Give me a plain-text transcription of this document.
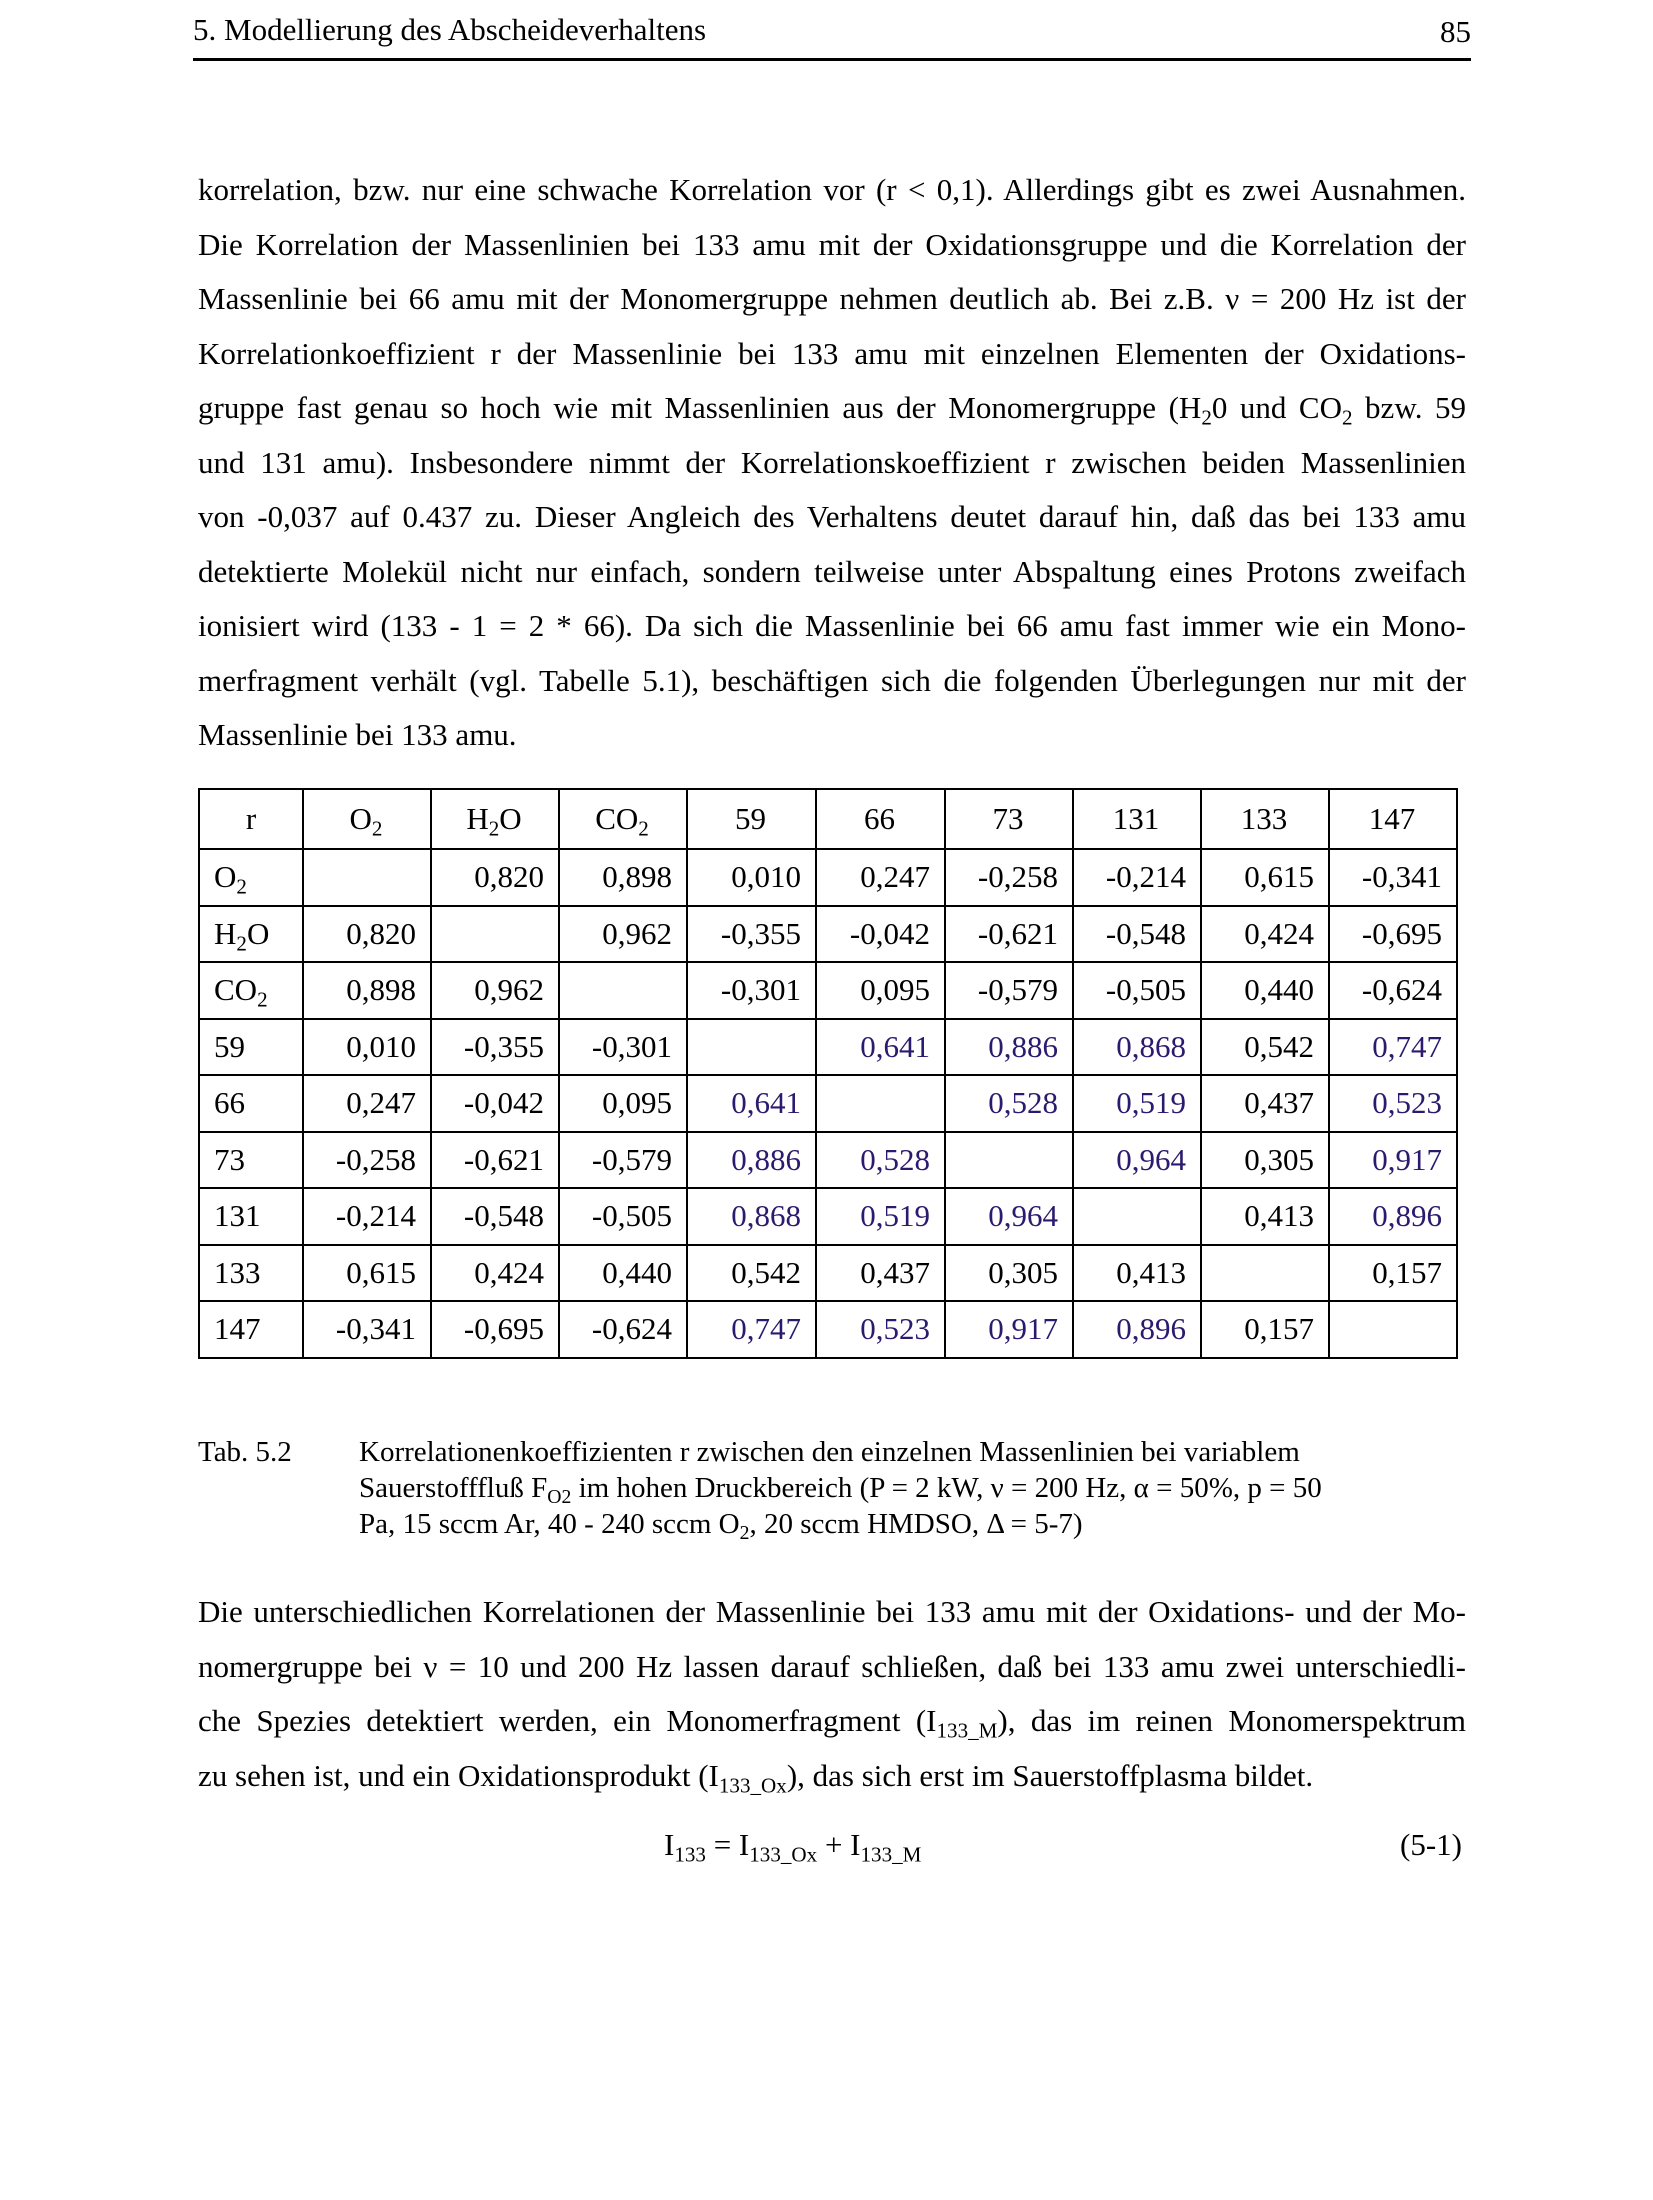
5. Modellierung des Abscheideverhaltens	85
korrelation, bzw. nur eine schwache Korrelation vor (r < 0,1). Allerdings gibt es zwei Ausnahmen.
Die Korrelation der Massenlinien bei 133 amu mit der Oxidationsgruppe und die Korrelation der
Massenlinie bei 66 amu mit der Monomergruppe nehmen deutlich ab. Bei z.B. ν = 200 Hz ist der
Korrelationkoeffizient r der Massenlinie bei 133 amu mit einzelnen Elementen der Oxidations-
gruppe fast genau so hoch wie mit Massenlinien aus der Monomergruppe ($H_20$ und $CO_2$ bzw. 59
und 131 amu). Insbesondere nimmt der Korrelationskoeffizient r zwischen beiden Massenlinien
von -0,037 auf 0.437 zu. Dieser Angleich des Verhaltens deutet darauf hin, daß das bei 133 amu
detektierte Molekül nicht nur einfach, sondern teilweise unter Abspaltung eines Protons zweifach
ionisiert wird (133 - 1 = 2 * 66). Da sich die Massenlinie bei 66 amu fast immer wie ein Mono-
merfragment verhält (vgl. Tabelle 5.1), beschäftigen sich die folgenden Überlegungen nur mit der
Massenlinie bei 133 amu.
r	$O_2$	$H_2O$	$CO_2$	59	66	73	131	133	147
$O_2$		0,820	0,898	0,010	0,247	-0,258	-0,214	0,615	-0,341
$H_2O$	0,820		0,962	-0,355	-0,042	-0,621	-0,548	0,424	-0,695
$CO_2$	0,898	0,962		-0,301	0,095	-0,579	-0,505	0,440	-0,624
59	0,010	-0,355	-0,301		0,641	0,886	0,868	0,542	0,747
66	0,247	-0,042	0,095	0,641		0,528	0,519	0,437	0,523
73	-0,258	-0,621	-0,579	0,886	0,528		0,964	0,305	0,917
131	-0,214	-0,548	-0,505	0,868	0,519	0,964		0,413	0,896
133	0,615	0,424	0,440	0,542	0,437	0,305	0,413		0,157
147	-0,341	-0,695	-0,624	0,747	0,523	0,917	0,896	0,157	
Tab. 5.2 Korrelationenkoeffizienten r zwischen den einzelnen Massenlinien bei variablem
Sauerstofffluß $F_{O2}$ im hohen Druckbereich (P = 2 kW, ν = 200 Hz, α = 50%, p = 50
Pa, 15 sccm Ar, 40 - 240 sccm $O_2$, 20 sccm HMDSO, Δ = 5-7)
Die unterschiedlichen Korrelationen der Massenlinie bei 133 amu mit der Oxidations- und der Mo-
nomergruppe bei ν = 10 und 200 Hz lassen darauf schließen, daß bei 133 amu zwei unterschiedli-
che Spezies detektiert werden, ein Monomerfragment $(I_{133\_M})$, das im reinen Monomerspektrum
zu sehen ist, und ein Oxidationsprodukt $(I_{133\_Ox})$, das sich erst im Sauerstoffplasma bildet.
$I_{133} = I_{133\_Ox} + I_{133\_M}$	(5-1)
